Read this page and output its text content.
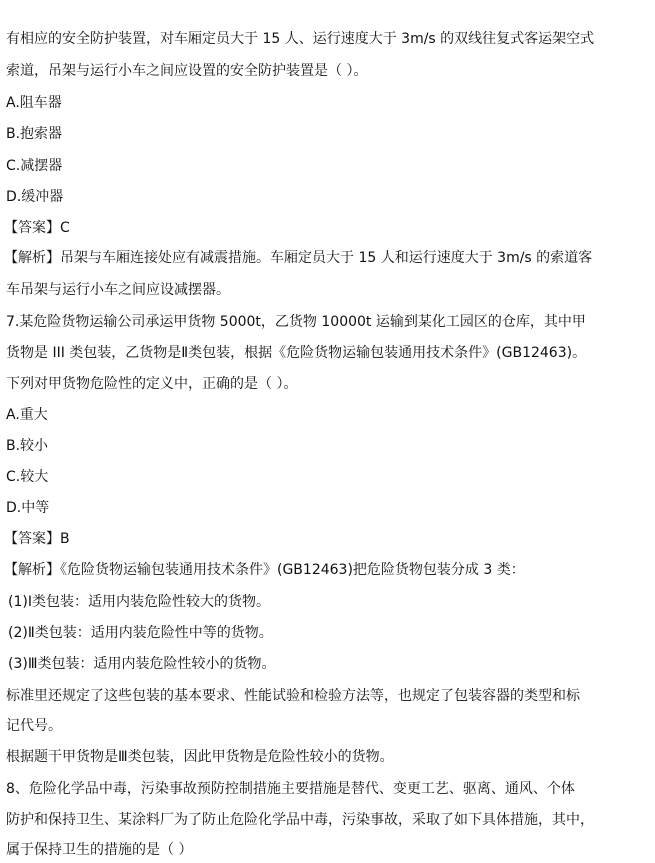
有相应的安全防护装置，对车厢定员大于 15 人、运行速度大于 3m/s 的双线往复式客运架空式
索道，吊架与运行小车之间应设置的安全防护装置是（ ）。
A.阻车器
B.抱索器
C.减摆器
D.缓冲器
【答案】C
【解析】吊架与车厢连接处应有减震措施。车厢定员大于 15 人和运行速度大于 3m/s 的索道客
车吊架与运行小车之间应设减摆器。
7.某危险货物运输公司承运甲货物 5000t，乙货物 10000t 运输到某化工园区的仓库，其中甲
货物是 III 类包装，乙货物是Ⅱ类包装，根据《危险货物运输包装通用技术条件》(GB12463)。
下列对甲货物危险性的定义中，正确的是（ ）。
A.重大
B.较小
C.较大
D.中等
【答案】B
【解析】《危险货物运输包装通用技术条件》(GB12463)把危险货物包装分成 3 类：
(1)Ⅰ类包装：适用内装危险性较大的货物。
(2)Ⅱ类包装：适用内装危险性中等的货物。
(3)Ⅲ类包装：适用内装危险性较小的货物。
标准里还规定了这些包装的基本要求、性能试验和检验方法等，也规定了包装容器的类型和标
记代号。
根据题干甲货物是Ⅲ类包装，因此甲货物是危险性较小的货物。
8、危险化学品中毒，污染事故预防控制措施主要措施是替代、变更工艺、驱离、通风、个体
防护和保持卫生、某涂料厂为了防止危险化学品中毒，污染事故，采取了如下具体措施，其中，
属于保持卫生的措施的是（ ）
